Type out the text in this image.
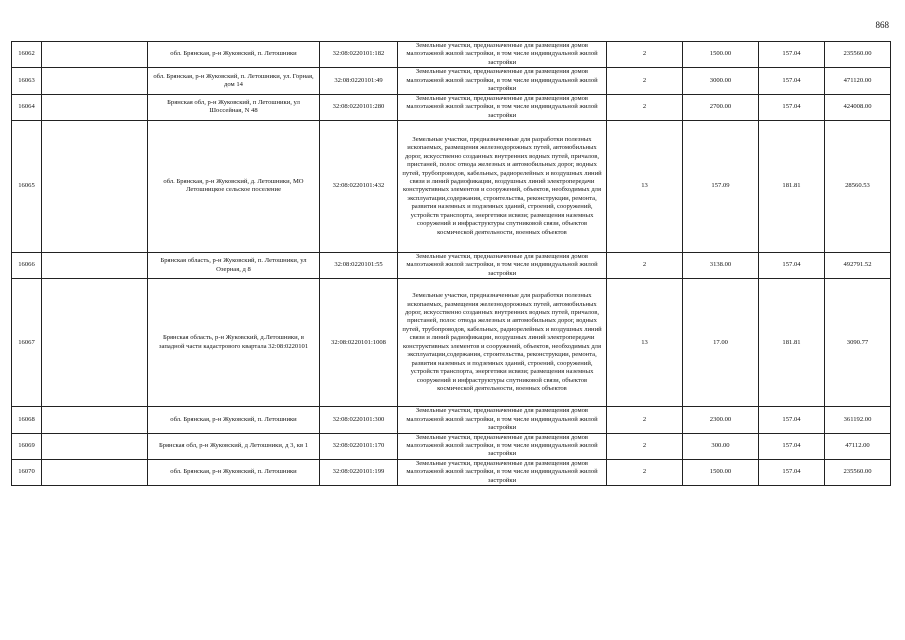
868
16062		обл. Брянская, р-н Жуковский, п. Летошники	32:08:0220101:182	Земельные участки, предназначенные для размещения домов малоэтажной жилой застройки, в том числе индивидуальной жилой застройки	2	1500.00	157.04	235560.00
16063		обл. Брянская, р-н Жуковский, п. Летошники, ул. Горная, дом 14	32:08:0220101:49	Земельные участки, предназначенные для размещения домов малоэтажной жилой застройки, в том числе индивидуальной жилой застройки	2	3000.00	157.04	471120.00
16064		Брянская обл, р-н Жуковский, п Летошники, ул Шоссейная, N 48	32:08:0220101:280	Земельные участки, предназначенные для размещения домов малоэтажной жилой застройки, в том числе индивидуальной жилой застройки	2	2700.00	157.04	424008.00
16065		обл. Брянская, р-н Жуковский, д. Летошники, МО Летошницкое сельское поселение	32:08:0220101:432	Земельные участки, предназначенные для разработки полезных ископаемых, размещения железнодорожных путей, автомобильных дорог, искусственно созданных внутренних водных путей, причалов, пристаней, полос отвода железных и автомобильных дорог, водных путей, трубопроводов, кабельных, радиорелейных и воздушных линий связи и линий радиофикации, воздушных линий электропередачи конструктивных элементов и сооружений, объектов, необходимых для эксплуатации,содержания, строительства, реконструкции, ремонта, развития наземных и подземных зданий, строений, сооружений, устройств транспорта, энергетики исвязи; размещения наземных сооружений и инфраструктуры спутниковой связи, объектов космической деятельности, военных объектов	13	157.09	181.81	28560.53
16066		Брянская область, р-н Жуковский, п. Летошники, ул Озерная, д 8	32:08:0220101:55	Земельные участки, предназначенные для размещения домов малоэтажной жилой застройки, в том числе индивидуальной жилой застройки	2	3138.00	157.04	492791.52
16067		Брянская область, р-н Жуковский, д.Летошники, в западной части кадастрового квартала 32:08:0220101	32:08:0220101:1008	Земельные участки, предназначенные для разработки полезных ископаемых, размещения железнодорожных путей, автомобильных дорог, искусственно созданных внутренних водных путей, причалов, пристаней, полос отвода железных и автомобильных дорог, водных путей, трубопроводов, кабельных, радиорелейных и воздушных линий связи и линий радиофикации, воздушных линий электропередачи конструктивных элементов и сооружений, объектов, необходимых для эксплуатации,содержания, строительства, реконструкции, ремонта, развития наземных и подземных зданий, строений, сооружений, устройств транспорта, энергетики исвязи; размещения наземных сооружений и инфраструктуры спутниковой связи, объектов космической деятельности, военных объектов	13	17.00	181.81	3090.77
16068		обл. Брянская, р-н Жуковский, п. Летошники	32:08:0220101:300	Земельные участки, предназначенные для размещения домов малоэтажной жилой застройки, в том числе индивидуальной жилой застройки	2	2300.00	157.04	361192.00
16069		Брянская обл, р-н Жуковский, д Летошники, д 3, кв 1	32:08:0220101:170	Земельные участки, предназначенные для размещения домов малоэтажной жилой застройки, в том числе индивидуальной жилой застройки	2	300.00	157.04	47112.00
16070		обл. Брянская, р-н Жуковский, п. Летошники	32:08:0220101:199	Земельные участки, предназначенные для размещения домов малоэтажной жилой застройки, в том числе индивидуальной жилой застройки	2	1500.00	157.04	235560.00
